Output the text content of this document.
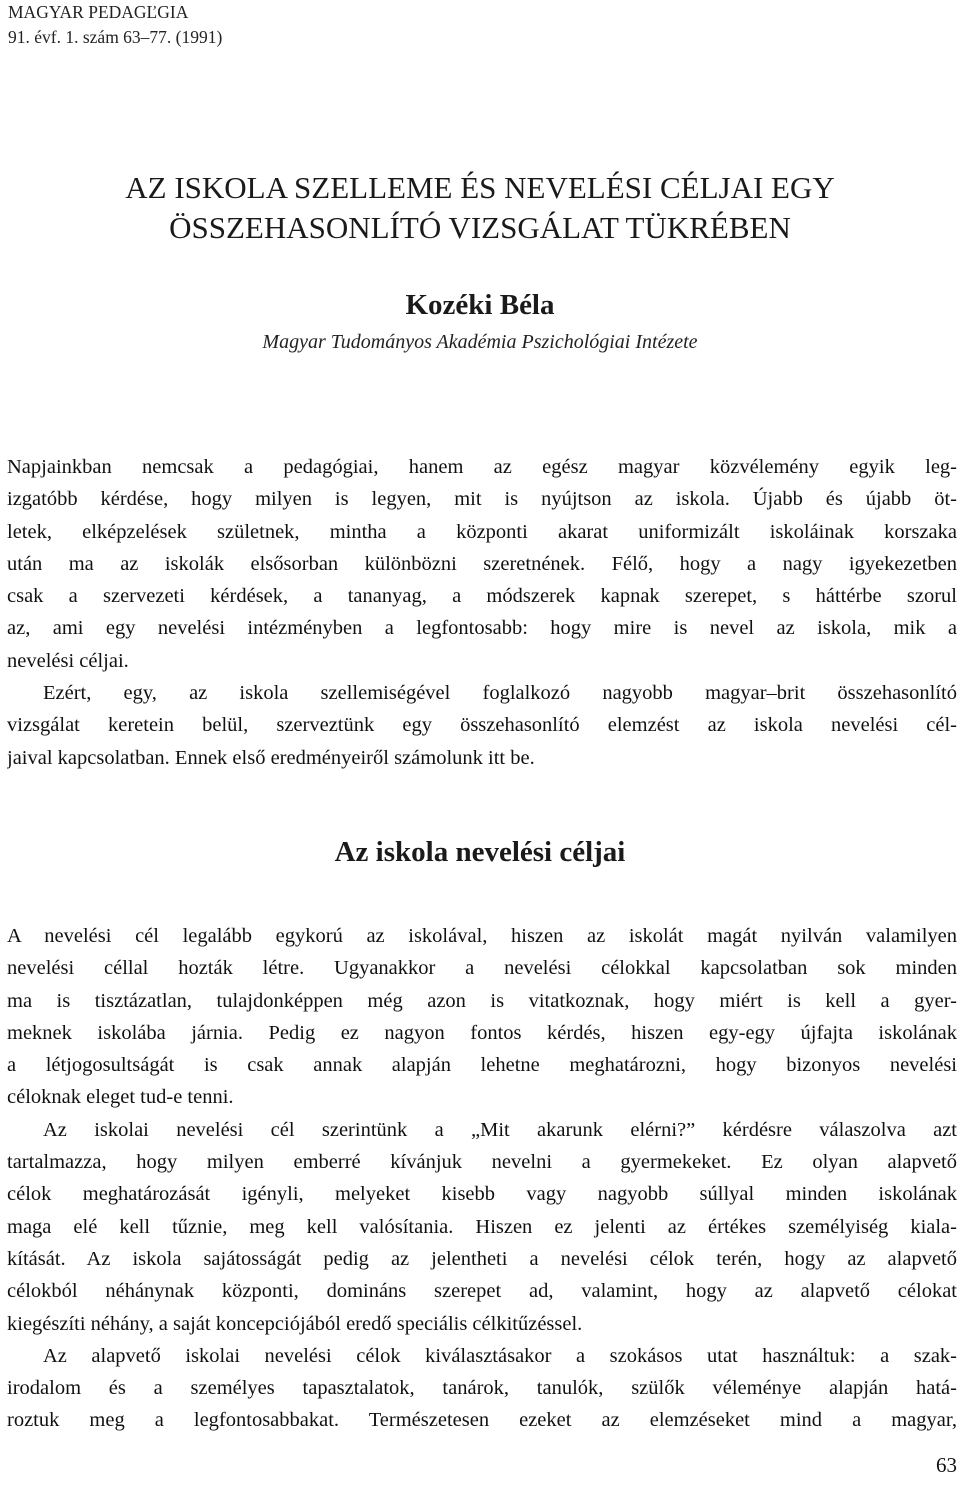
MAGYAR PEDAGĽGIA
91. évf. 1. szám 63–77. (1991)
AZ ISKOLA SZELLEME ÉS NEVELÉSI CÉLJAI EGY
ÖSSZEHASONLÍTÓ VIZSGÁLAT TÜKRÉBEN
Kozéki Béla
Magyar Tudományos Akadémia Pszichológiai Intézete
Napjainkban nemcsak a pedagógiai, hanem az egész magyar közvélemény egyik leg-
izgatóbb kérdése, hogy milyen is legyen, mit is nyújtson az iskola. Újabb és újabb öt-
letek, elképzelések születnek, mintha a központi akarat uniformizált iskoláinak korszaka
után ma az iskolák elsősorban különbözni szeretnének. Félő, hogy a nagy igyekezetben
csak a szervezeti kérdések, a tananyag, a módszerek kapnak szerepet, s háttérbe szorul
az, ami egy nevelési intézményben a legfontosabb: hogy mire is nevel az iskola, mik a
nevelési céljai.
Ezért, egy, az iskola szellemiségével foglalkozó nagyobb magyar–brit összehasonlító
vizsgálat keretein belül, szerveztünk egy összehasonlító elemzést az iskola nevelési cél-
jaival kapcsolatban. Ennek első eredményeiről számolunk itt be.
Az iskola nevelési céljai
A nevelési cél legalább egykorú az iskolával, hiszen az iskolát magát nyilván valamilyen
nevelési céllal hozták létre. Ugyanakkor a nevelési célokkal kapcsolatban sok minden
ma is tisztázatlan, tulajdonképpen még azon is vitatkoznak, hogy miért is kell a gyer-
meknek iskolába járnia. Pedig ez nagyon fontos kérdés, hiszen egy-egy újfajta iskolának
a létjogosultságát is csak annak alapján lehetne meghatározni, hogy bizonyos nevelési
céloknak eleget tud-e tenni.
Az iskolai nevelési cél szerintünk a „Mit akarunk elérni?” kérdésre válaszolva azt
tartalmazza, hogy milyen emberré kívánjuk nevelni a gyermekeket. Ez olyan alapvető
célok meghatározását igényli, melyeket kisebb vagy nagyobb súllyal minden iskolának
maga elé kell tűznie, meg kell valósítania. Hiszen ez jelenti az értékes személyiség kiala-
kítását. Az iskola sajátosságát pedig az jelentheti a nevelési célok terén, hogy az alapvető
célokból néhánynak központi, domináns szerepet ad, valamint, hogy az alapvető célokat
kiegészíti néhány, a saját koncepciójából eredő speciális célkitűzéssel.
Az alapvető iskolai nevelési célok kiválasztásakor a szokásos utat használtuk: a szak-
irodalom és a személyes tapasztalatok, tanárok, tanulók, szülők véleménye alapján hatá-
roztuk meg a legfontosabbakat. Természetesen ezeket az elemzéseket mind a magyar,
63
